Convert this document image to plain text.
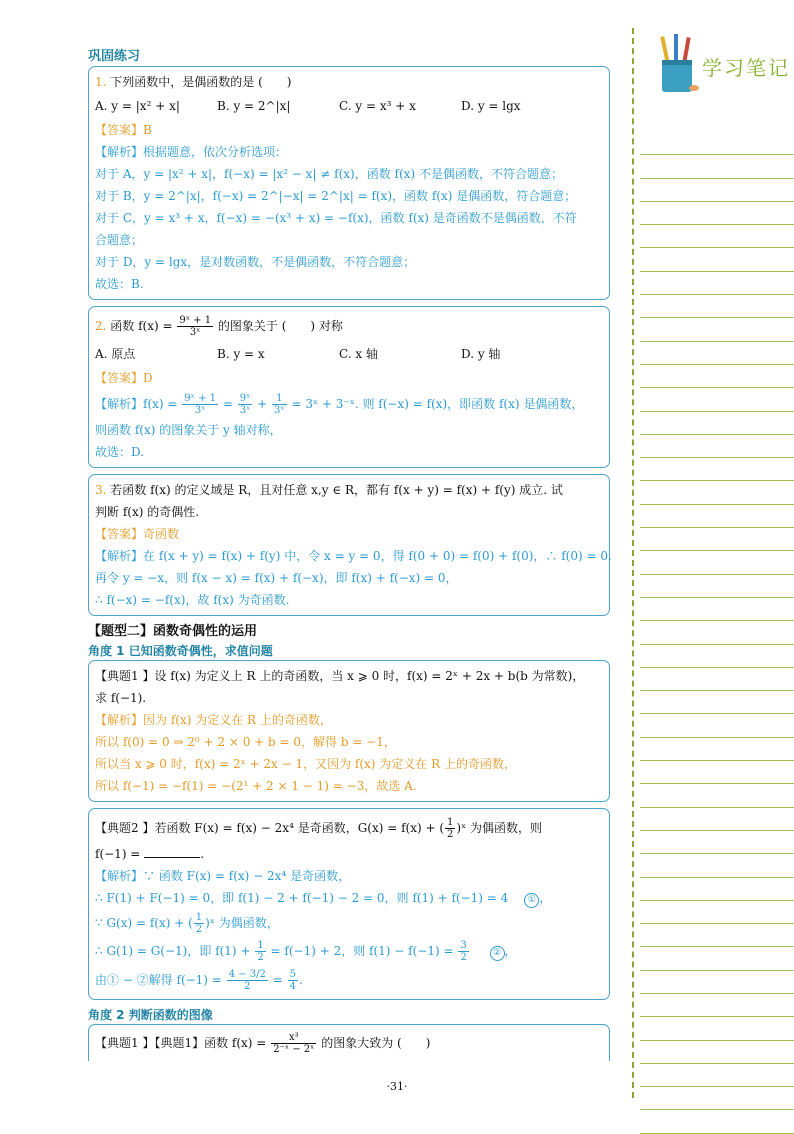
巩固练习
1. 下列函数中，是偶函数的是 (　　)
A. y = |x² + x|	B. y = 2^|x|	C. y = x³ + x	D. y = lgx
【答案】B
【解析】根据题意，依次分析选项：
对于 A，y = |x² + x|，f(−x) = |x² − x| ≠ f(x)，函数 f(x) 不是偶函数，不符合题意；
对于 B，y = 2^|x|，f(−x) = 2^|−x| = 2^|x| = f(x)，函数 f(x) 是偶函数，符合题意；
对于 C，y = x³ + x，f(−x) = −(x³ + x) = −f(x)，函数 f(x) 是奇函数不是偶函数，不符
合题意；
对于 D，y = lgx，是对数函数，不是偶函数，不符合题意；
故选：B.
2. 函数 $f(x) = \frac{\text{9ˣ + 1}}{\text{3ˣ}}$ 的图象关于 (　　) 对称
A. 原点	B. y = x	C. x 轴	D. y 轴
【答案】D
【解析】$f(x) = \frac{\text{9ˣ + 1}}{\text{3ˣ}} = \frac{\text{9ˣ}}{\text{3ˣ}} + \frac{1}{\text{3ˣ}}$ = 3ˣ + 3⁻ˣ. 则 f(−x) = f(x)，即函数 f(x) 是偶函数，
则函数 f(x) 的图象关于 y 轴对称，
故选：D.
3. 若函数 f(x) 的定义域是 R，且对任意 x,y ∈ R，都有 f(x + y) = f(x) + f(y) 成立. 试
判断 f(x) 的奇偶性.
【答案】奇函数
【解析】在 f(x + y) = f(x) + f(y) 中，令 x = y = 0，得 f(0 + 0) = f(0) + f(0)，∴ f(0) = 0.
再令 y = −x，则 f(x − x) = f(x) + f(−x)，即 f(x) + f(−x) = 0，
∴ f(−x) = −f(x)，故 f(x) 为奇函数.
【题型二】函数奇偶性的运用
角度 1 已知函数奇偶性，求值问题
【典题1 】设 f(x) 为定义上 R 上的奇函数，当 x ⩾ 0 时，f(x) = 2ˣ + 2x + b(b 为常数)，
求 f(−1).
【解析】因为 f(x) 为定义在 R 上的奇函数，
所以 f(0) = 0 ⇒ 2⁰ + 2 × 0 + b = 0，解得 b = −1，
所以当 x ⩾ 0 时，f(x) = 2ˣ + 2x − 1，又因为 f(x) 为定义在 R 上的奇函数，
所以 f(−1) = −f(1) = −(2¹ + 2 × 1 − 1) = −3，故选 A.
【典题2 】若函数 F(x) = f(x) − 2x⁴ 是奇函数，G(x) = f(x) + ( $\frac{1}{2}$ )ˣ 为偶函数，则
f(−1) =	.
【解析】∵ 函数 F(x) = f(x) − 2x⁴ 是奇函数，
∴ F(1) + F(−1) = 0，即 f(1) − 2 + f(−1) − 2 = 0，则 f(1) + f(−1) = 4 ① ，
∵ G(x) = f(x) + ( $\frac{1}{2}$ )ˣ 为偶函数，
∴ G(1) = G(−1)，即 $f(1) + \frac{1}{2} = f(-1) + 2$，则 $f(1) - f(-1) = \frac{3}{2}$	② ，
由① − ②解得 $f(-1) = \frac{4 - 3/2}{2} = \frac{5}{4}$ .
角度 2 判断函数的图像
【典题1 】【典题1】函数 $f(x) = \frac{\text{x³}}{\text{2⁻ˣ − 2ˣ}}$ 的图象大致为 (　　)
学习笔记
·31·
